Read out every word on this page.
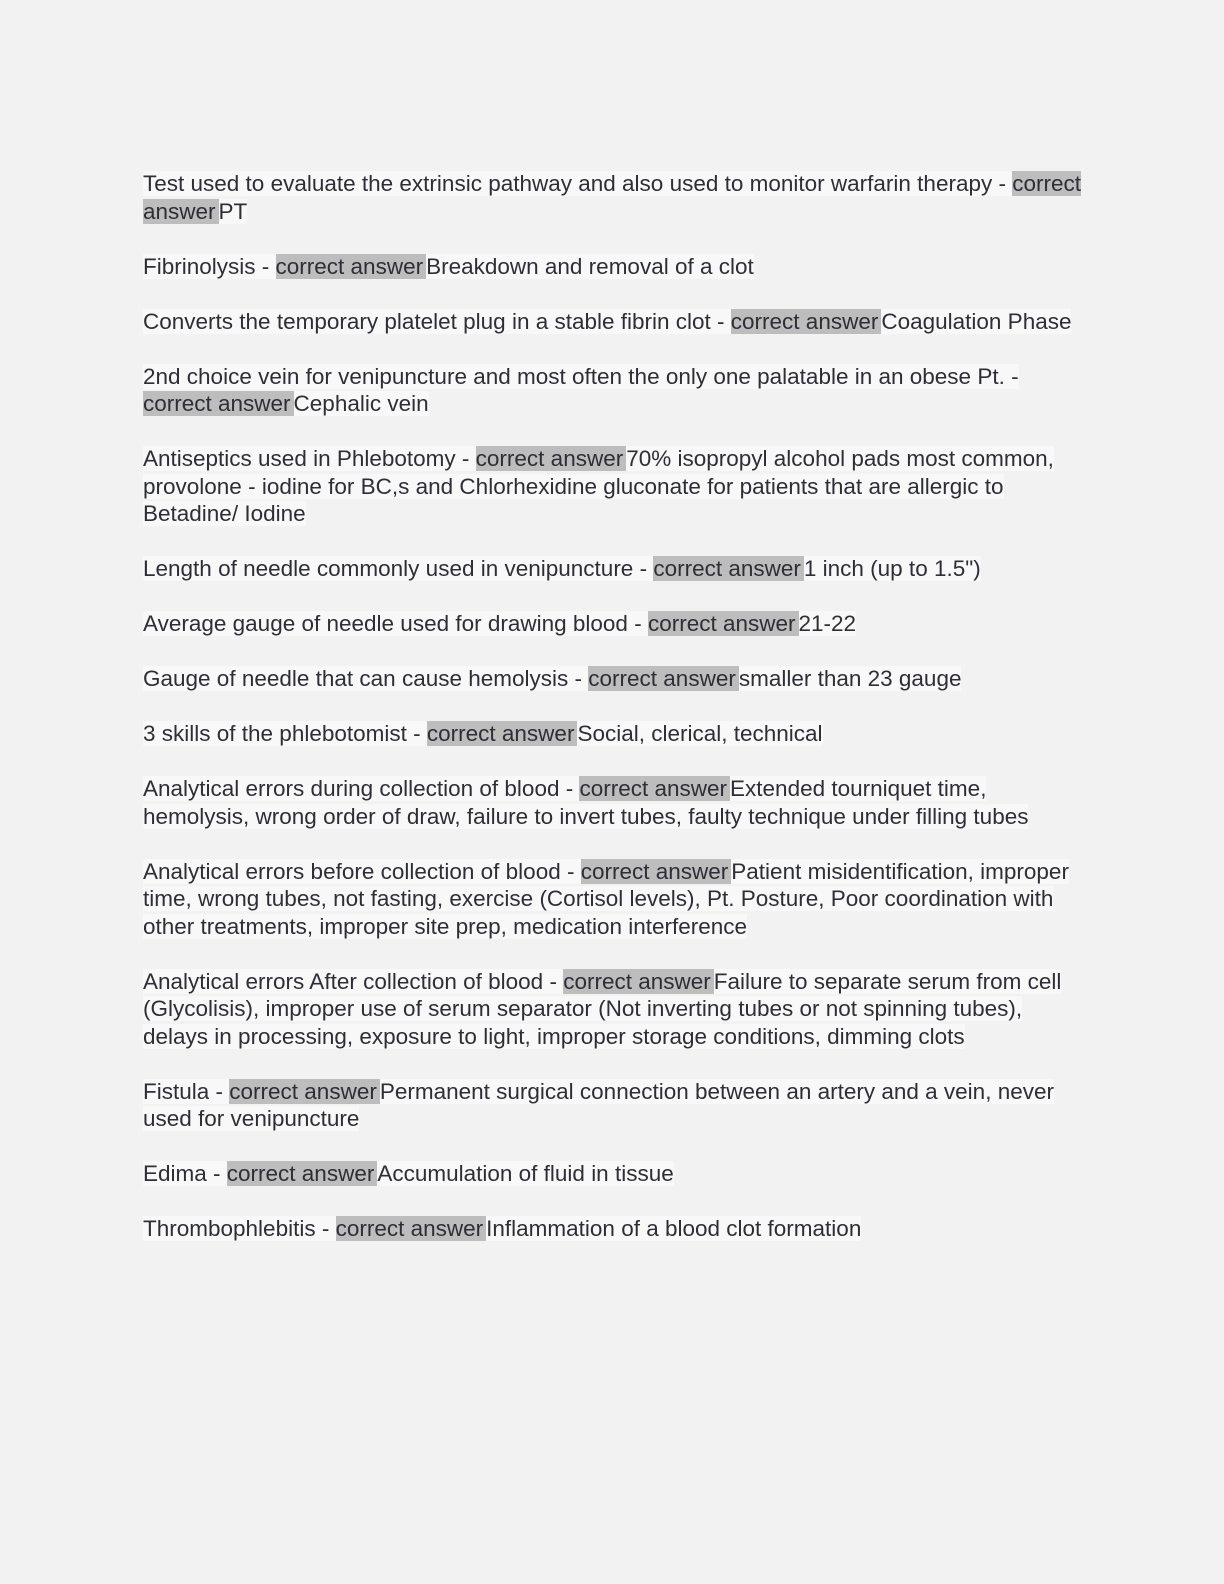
Test used to evaluate the extrinsic pathway and also used to monitor warfarin therapy - correct answer PT

Fibrinolysis - correct answer Breakdown and removal of a clot

Converts the temporary platelet plug in a stable fibrin clot - correct answer Coagulation Phase

2nd choice vein for venipuncture and most often the only one palatable in an obese Pt. - correct answer Cephalic vein

Antiseptics used in Phlebotomy - correct answer 70% isopropyl alcohol pads most common, provolone - iodine for BC,s and Chlorhexidine gluconate for patients that are allergic to Betadine/ Iodine

Length of needle commonly used in venipuncture - correct answer 1 inch (up to 1.5")

Average gauge of needle used for drawing blood - correct answer 21-22

Gauge of needle that can cause hemolysis - correct answer smaller than 23 gauge

3 skills of the phlebotomist - correct answer Social, clerical, technical

Analytical errors during collection of blood - correct answer Extended tourniquet time, hemolysis, wrong order of draw, failure to invert tubes, faulty technique under filling tubes

Analytical errors before collection of blood - correct answer Patient misidentification, improper time, wrong tubes, not fasting, exercise (Cortisol levels), Pt. Posture, Poor coordination with other treatments, improper site prep, medication interference

Analytical errors After collection of blood - correct answer Failure to separate serum from cell (Glycolisis), improper use of serum separator (Not inverting tubes or not spinning tubes), delays in processing, exposure to light, improper storage conditions, dimming clots

Fistula - correct answer Permanent surgical connection between an artery and a vein, never used for venipuncture

Edima - correct answer Accumulation of fluid in tissue

Thrombophlebitis - correct answer Inflammation of a blood clot formation
